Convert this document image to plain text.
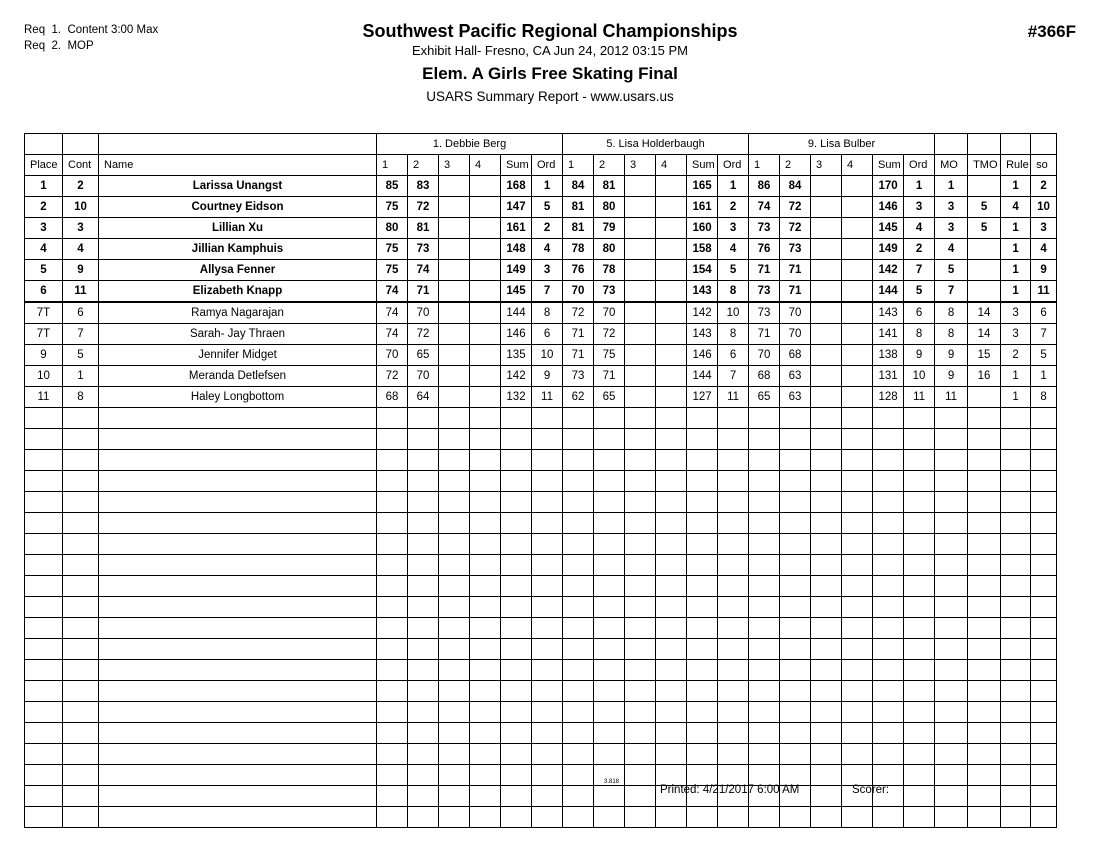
Req  1.  Content 3:00 Max
Req  2.  MOP
Southwest Pacific Regional Championships
Exhibit Hall- Fresno, CA Jun 24, 2012 03:15 PM
Elem. A Girls Free Skating Final
USARS Summary Report - www.usars.us
#366F
			1. Debbie Berg						5. Lisa Holderbaugh						9. Lisa Bulber									
Place	Cont	Name	1	2	3	4	Sum	Ord	1	2	3	4	Sum	Ord	1	2	3	4	Sum	Ord	MO	TMO	Rule	so
1	2	Larissa Unangst	85	83			168	1	84	81			165	1	86	84			170	1	1		1	2
2	10	Courtney Eidson	75	72			147	5	81	80			161	2	74	72			146	3	3	5	4	10
3	3	Lillian Xu	80	81			161	2	81	79			160	3	73	72			145	4	3	5	1	3
4	4	Jillian Kamphuis	75	73			148	4	78	80			158	4	76	73			149	2	4		1	4
5	9	Allysa Fenner	75	74			149	3	76	78			154	5	71	71			142	7	5		1	9
6	11	Elizabeth Knapp	74	71			145	7	70	73			143	8	73	71			144	5	7		1	11
7T	6	Ramya Nagarajan	74	70			144	8	72	70			142	10	73	70			143	6	8	14	3	6
7T	7	Sarah- Jay Thraen	74	72			146	6	71	72			143	8	71	70			141	8	8	14	3	7
9	5	Jennifer Midget	70	65			135	10	71	75			146	6	70	68			138	9	9	15	2	5
10	1	Meranda Detlefsen	72	70			142	9	73	71			144	7	68	63			131	10	9	16	1	1
11	8	Haley Longbottom	68	64			132	11	62	65			127	11	65	63			128	11	11		1	8

3.818
Printed: 4/21/2017 6:00 AM	Scorer:
